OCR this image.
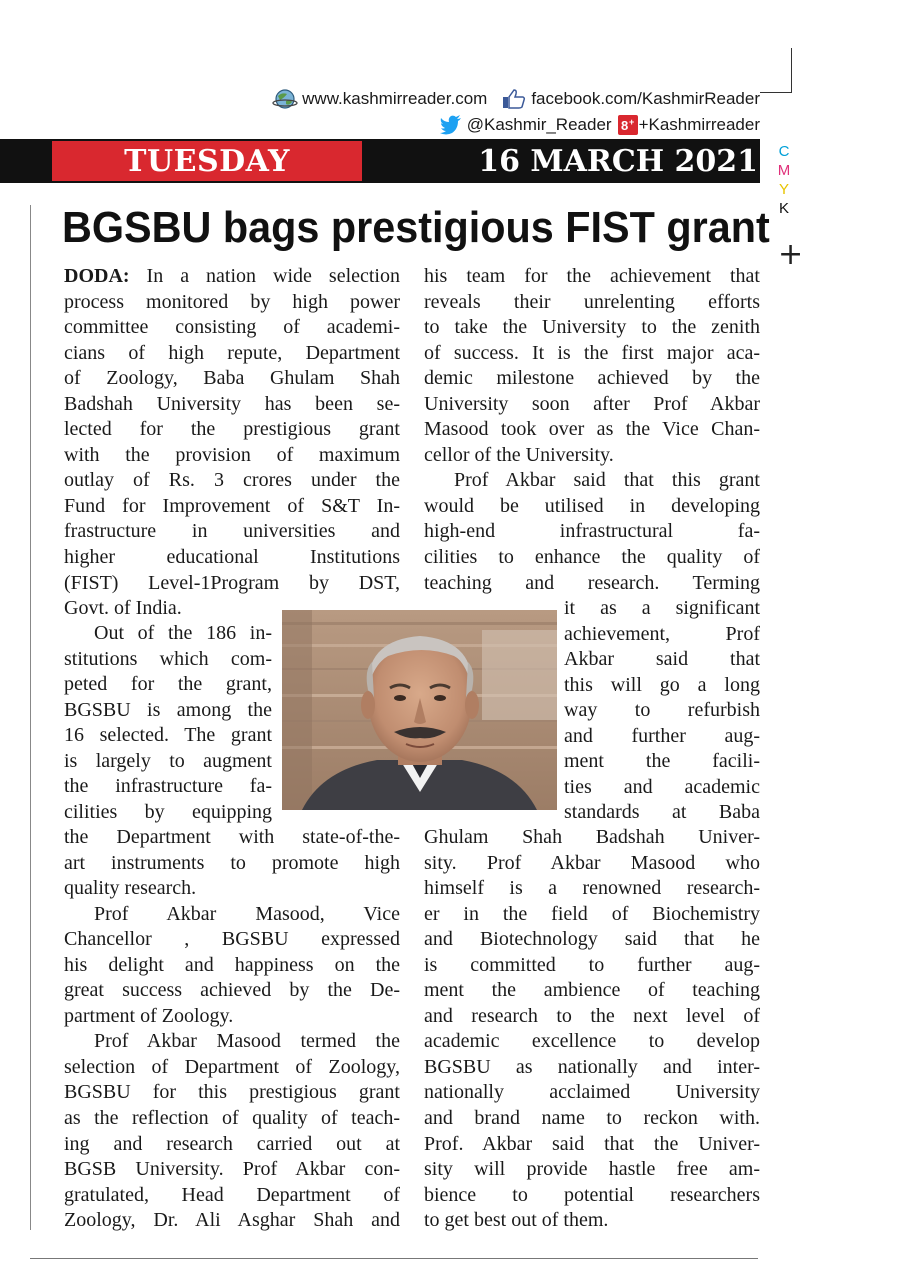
C
M
Y
K
+
www.kashmirreader.com	facebook.com/KashmirReader
@Kashmir_Reader 8 + +Kashmirreader
TUESDAY	16 MARCH 2021
BGSBU bags prestigious FIST grant
DODA: In a nation wide selection
process monitored by high power
committee consisting of academi-
cians of high repute, Department
of Zoology, Baba Ghulam Shah
Badshah University has been se-
lected for the prestigious grant
with the provision of maximum
outlay of Rs. 3 crores under the
Fund for Improvement of S&T In-
frastructure in universities and
higher educational Institutions
(FIST) Level-1Program by DST,
Govt. of India.
Out of the 186 in-
stitutions which com-
peted for the grant,
BGSBU is among the
16 selected. The grant
is largely to augment
the infrastructure fa-
cilities by equipping
the Department with state-of-the-
art instruments to promote high
quality research.
Prof Akbar Masood, Vice
Chancellor , BGSBU expressed
his delight and happiness on the
great success achieved by the De-
partment of Zoology.
Prof Akbar Masood termed the
selection of Department of Zoology,
BGSBU for this prestigious grant
as the reflection of quality of teach-
ing and research carried out at
BGSB University. Prof Akbar con-
gratulated, Head Department of
Zoology, Dr. Ali Asghar Shah and
his team for the achievement that
reveals their unrelenting efforts
to take the University to the zenith
of success. It is the first major aca-
demic milestone achieved by the
University soon after Prof Akbar
Masood took over as the Vice Chan-
cellor of the University.
Prof Akbar said that this grant
would be utilised in developing
high-end infrastructural fa-
cilities to enhance the quality of
teaching and research. Terming
it as a significant
achievement, Prof
Akbar said that
this will go a long
way to refurbish
and further aug-
ment the facili-
ties and academic
standards at Baba
Ghulam Shah Badshah Univer-
sity. Prof Akbar Masood who
himself is a renowned research-
er in the field of Biochemistry
and Biotechnology said that he
is committed to further aug-
ment the ambience of teaching
and research to the next level of
academic excellence to develop
BGSBU as nationally and inter-
nationally acclaimed University
and brand name to reckon with.
Prof. Akbar said that the Univer-
sity will provide hastle free am-
bience to potential researchers
to get best out of them.
